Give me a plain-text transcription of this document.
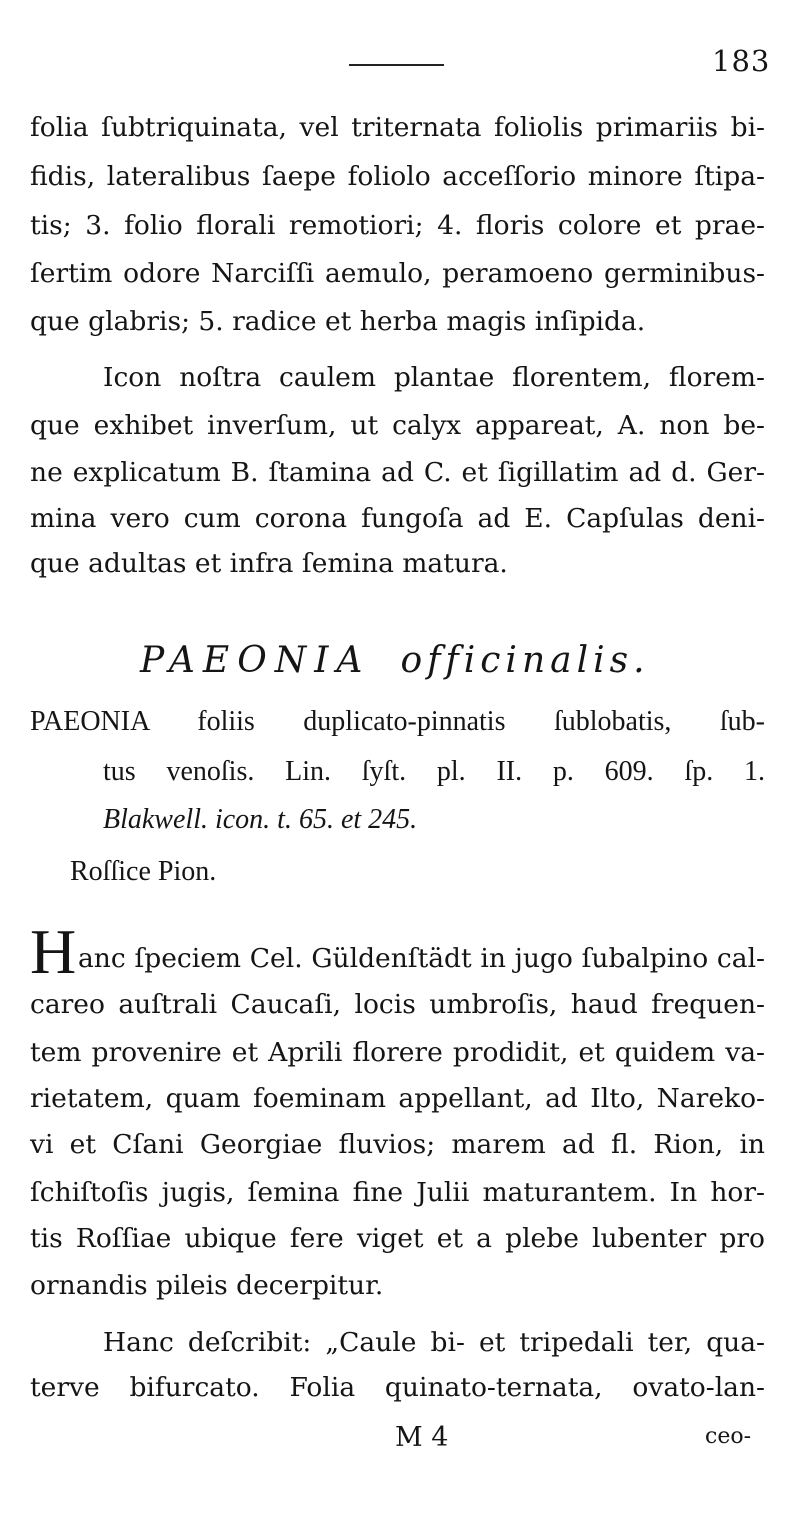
183
folia ſubtriquinata, vel triternata foliolis primariis bi-
fidis, lateralibus ſaepe foliolo acceſſorio minore ſtipa-
tis; 3. folio florali remotiori; 4. floris colore et prae-
ſertim odore Narciſſi aemulo, peramoeno germinibus-
que glabris; 5. radice et herba magis inſipida.
Icon noſtra caulem plantae florentem, florem-
que exhibet inverſum, ut calyx appareat, A. non be-
ne explicatum B. ſtamina ad C. et ſigillatim ad d. Ger-
mina vero cum corona fungoſa ad E. Capſulas deni-
que adultas et infra ſemina matura.
PAEONIA officinalis.
PAEONIA foliis duplicato-pinnatis ſublobatis, ſub-
tus venoſis. Lin. ſyſt. pl. II. p. 609. ſp. 1.
Blakwell. icon. t. 65. et 245.
Roſſice Pion.
H anc ſpeciem Cel. Güldenſtädt in jugo ſubalpino cal-
careo auſtrali Caucaſi, locis umbroſis, haud frequen-
tem provenire et Aprili florere prodidit, et quidem va-
rietatem, quam foeminam appellant, ad Ilto, Nareko-
vi et Cſani Georgiae fluvios; marem ad fl. Rion, in
ſchiſtoſis jugis, ſemina fine Julii maturantem. In hor-
tis Roſſiae ubique fere viget et a plebe lubenter pro
ornandis pileis decerpitur.
Hanc deſcribit: „Caule bi- et tripedali ter, qua-
terve bifurcato. Folia quinato-ternata, ovato-lan-
M 4	ceo-
